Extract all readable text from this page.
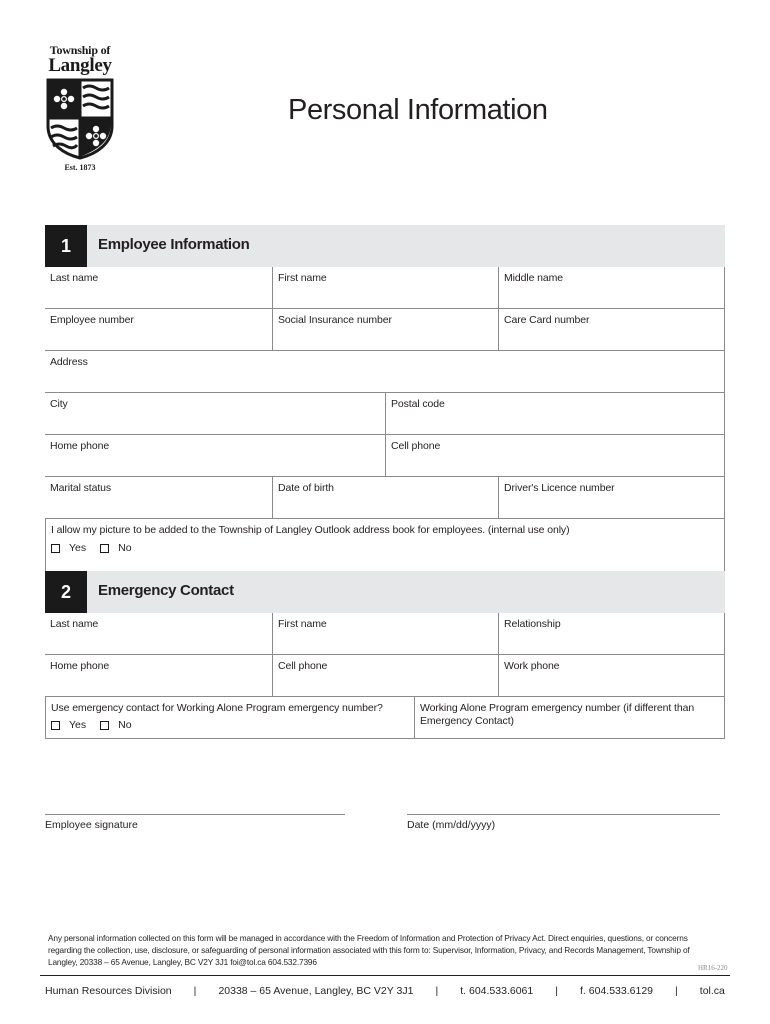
Township of
Langley
Est. 1873
Personal Information
1	Employee Information
Last name	First name	Middle name
Employee number	Social Insurance number	Care Card number
Address
City	Postal code
Home phone	Cell phone
Marital status	Date of birth	Driver's Licence number
I allow my picture to be added to the Township of Langley Outlook address book for employees. (internal use only)
Yes	No
2	Emergency Contact
Last name	First name	Relationship
Home phone	Cell phone	Work phone
Use emergency contact for Working Alone Program emergency number?
Yes	No
Working Alone Program emergency number (if different than Emergency Contact)
Employee signature	Date (mm/dd/yyyy)
Any personal information collected on this form will be managed in accordance with the Freedom of Information and Protection of Privacy Act. Direct enquiries, questions, or concerns regarding the collection, use, disclosure, or safeguarding of personal information associated with this form to: Supervisor, Information, Privacy, and Records Management, Township of Langley, 20338 – 65 Avenue, Langley, BC V2Y 3J1 foi@tol.ca 604.532.7396
HR16-220
Human Resources Division | 20338 – 65 Avenue, Langley, BC V2Y 3J1 | t. 604.533.6061 | f. 604.533.6129 | tol.ca
